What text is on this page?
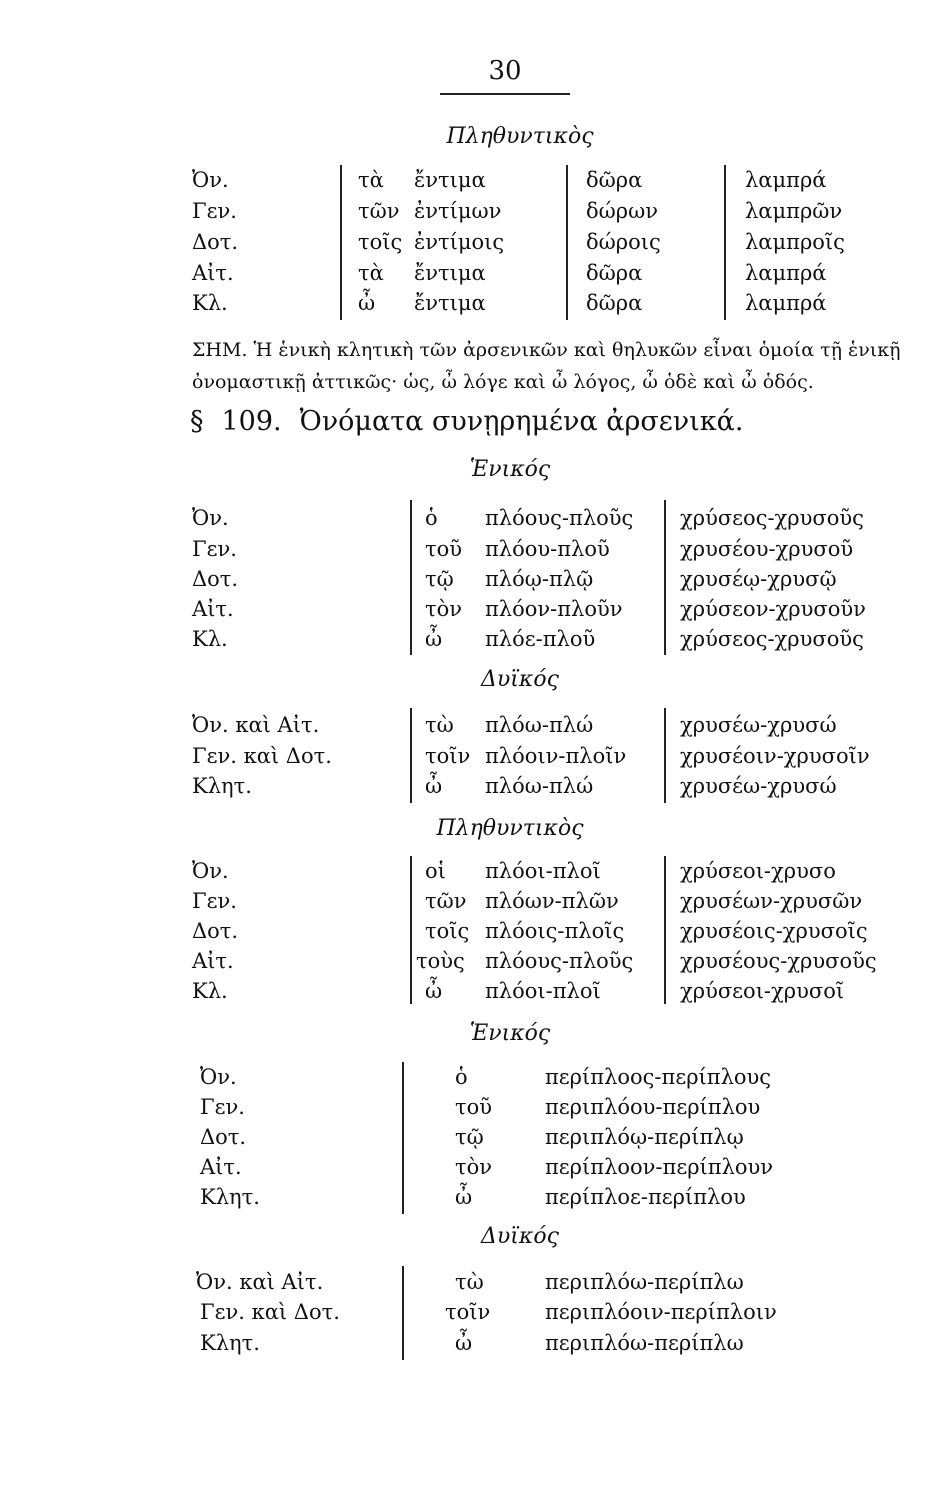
30
Πληθυντικὸς
Ὀν.	τὰ ἔντιμα	δῶρα	λαμπρά
Γεν.	τῶν ἐντίμων	δώρων	λαμπρῶν
Δοτ.	τοῖς ἐντίμοις	δώροις	λαμπροῖς
Αἰτ.	τὰ ἔντιμα	δῶρα	λαμπρά
Κλ.	ὦ ἔντιμα	δῶρα	λαμπρά
ΣΗΜ. Ἡ ἑνικὴ κλητικὴ τῶν ἀρσενικῶν καὶ θηλυκῶν εἶναι ὁμοία τῇ ἑνικῇ ὀνομαστικῇ ἀττικῶς· ὡς, ὦ λόγε καὶ ὦ λόγος, ὦ ὁδὲ καὶ ὦ ὁδός.
§ 109. Ὀνόματα συνῃρημένα ἀρσενικά.
Ἑνικός
Ὀν.	ὁ πλόους-πλοῦς χρύσεος-χρυσοῦς
Γεν.	τοῦ πλόου-πλοῦ	χρυσέου-χρυσοῦ
Δοτ.	τῷ πλόῳ-πλῷ	χρυσέῳ-χρυσῷ
Αἰτ.	τὸν πλόον-πλοῦν	χρύσεον-χρυσοῦν
Κλ.	ὦ πλόε-πλοῦ	χρύσεος-χρυσοῦς
Δυϊκός
Ὀν. καὶ Αἰτ.	τὼ πλόω-πλώ	χρυσέω-χρυσώ
Γεν. καὶ Δοτ.	τοῖν πλόοιν-πλοῖν	χρυσέοιν-χρυσοῖν
Κλητ.	ὦ πλόω-πλώ	χρυσέω-χρυσώ
Πληθυντικὸς
Ὀν.	οἱ πλόοι-πλοῖ	χρύσεοι-χρυσο
Γεν.	τῶν πλόων-πλῶν	χρυσέων-χρυσῶν
Δοτ.	τοῖς πλόοις-πλοῖς	χρυσέοις-χρυσοῖς
Αἰτ.	τοὺς πλόους-πλοῦς χρυσέους-χρυσοῦς
Κλ.	ὦ πλόοι-πλοῖ	χρύσεοι-χρυσοῖ
Ἑνικός
Ὀν.	ὁ	περίπλοος-περίπλους
Γεν.	τοῦ	περιπλόου-περίπλου
Δοτ.	τῷ	περιπλόῳ-περίπλῳ
Αἰτ.	τὸν	περίπλοον-περίπλουν
Κλητ.	ὦ	περίπλοε-περίπλου
Δυϊκός
Ὀν. καὶ Αἰτ.	τὼ	περιπλόω-περίπλω
Γεν. καὶ Δοτ.	τοῖν	περιπλόοιν-περίπλοιν
Κλητ.	ὦ	περιπλόω-περίπλω
